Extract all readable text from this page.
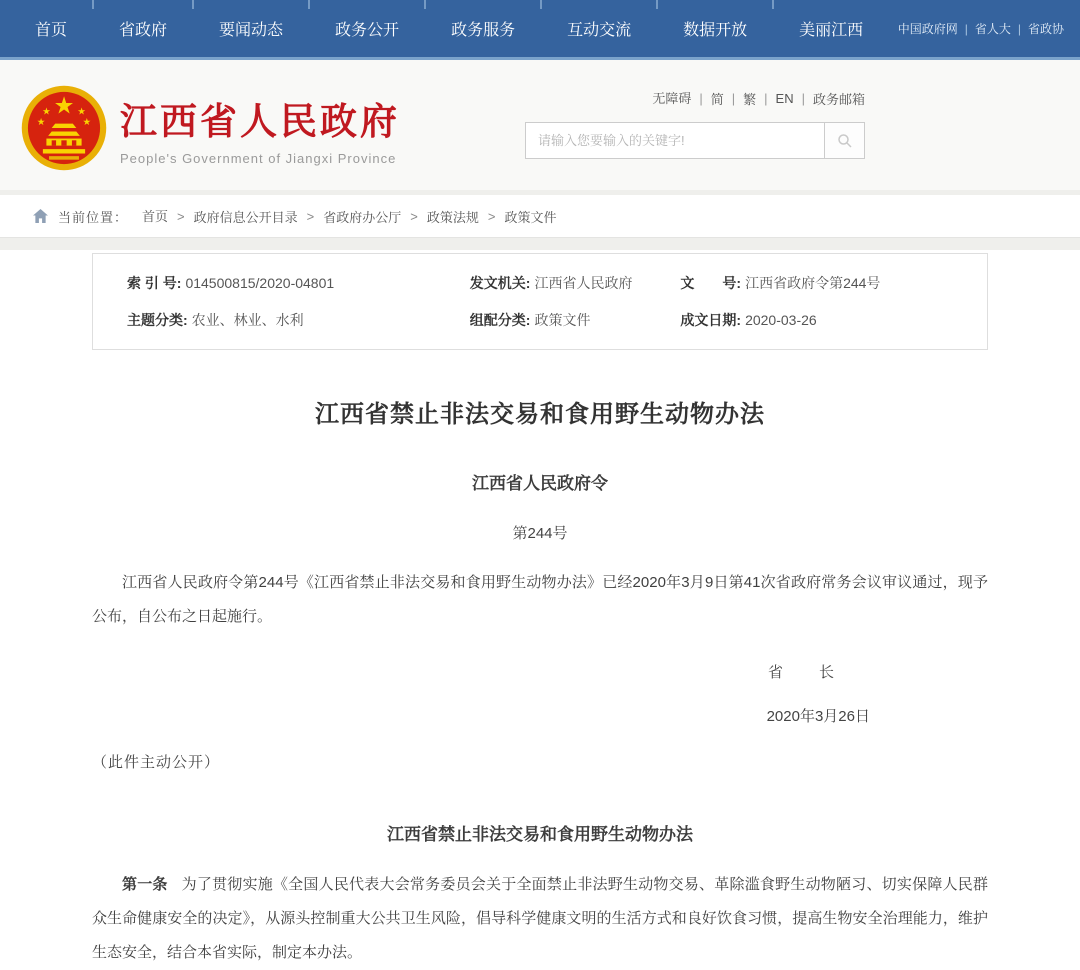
首页	省政府	要闻动态	政务公开	政务服务	互动交流	数据开放	美丽江西	中国政府网 | 省人大 | 省政协
★
★	★
★	★ 江西省人民政府
People's Government of Jiangxi Province
无障碍 | 简 | 繁 | EN | 政务邮箱
请输入您要输入的关键字!
当前位置： 首页 > 政府信息公开目录 > 省政府办公厅 > 政策法规 > 政策文件
索 引 号: 014500815/2020-04801	发文机关: 江西省人民政府	文　　号: 江西省政府令第244号
主题分类: 农业、林业、水利	组配分类: 政策文件	成文日期: 2020-03-26
江西省禁止非法交易和食用野生动物办法
江西省人民政府令
第244号

江西省人民政府令第244号《江西省禁止非法交易和食用野生动物办法》已经2020年3月9日第41次省政府常务会议审议通过，现予公布，自公布之日起施行。

省　　长
2020年3月26日
（此件主动公开）
江西省禁止非法交易和食用野生动物办法

第一条 为了贯彻实施《全国人民代表大会常务委员会关于全面禁止非法野生动物交易、革除滥食野生动物陋习、切实保障人民群众生命健康安全的决定》，从源头控制重大公共卫生风险，倡导科学健康文明的生活方式和良好饮食习惯，提高生物安全治理能力，维护生态安全，结合本省实际，制定本办法。
